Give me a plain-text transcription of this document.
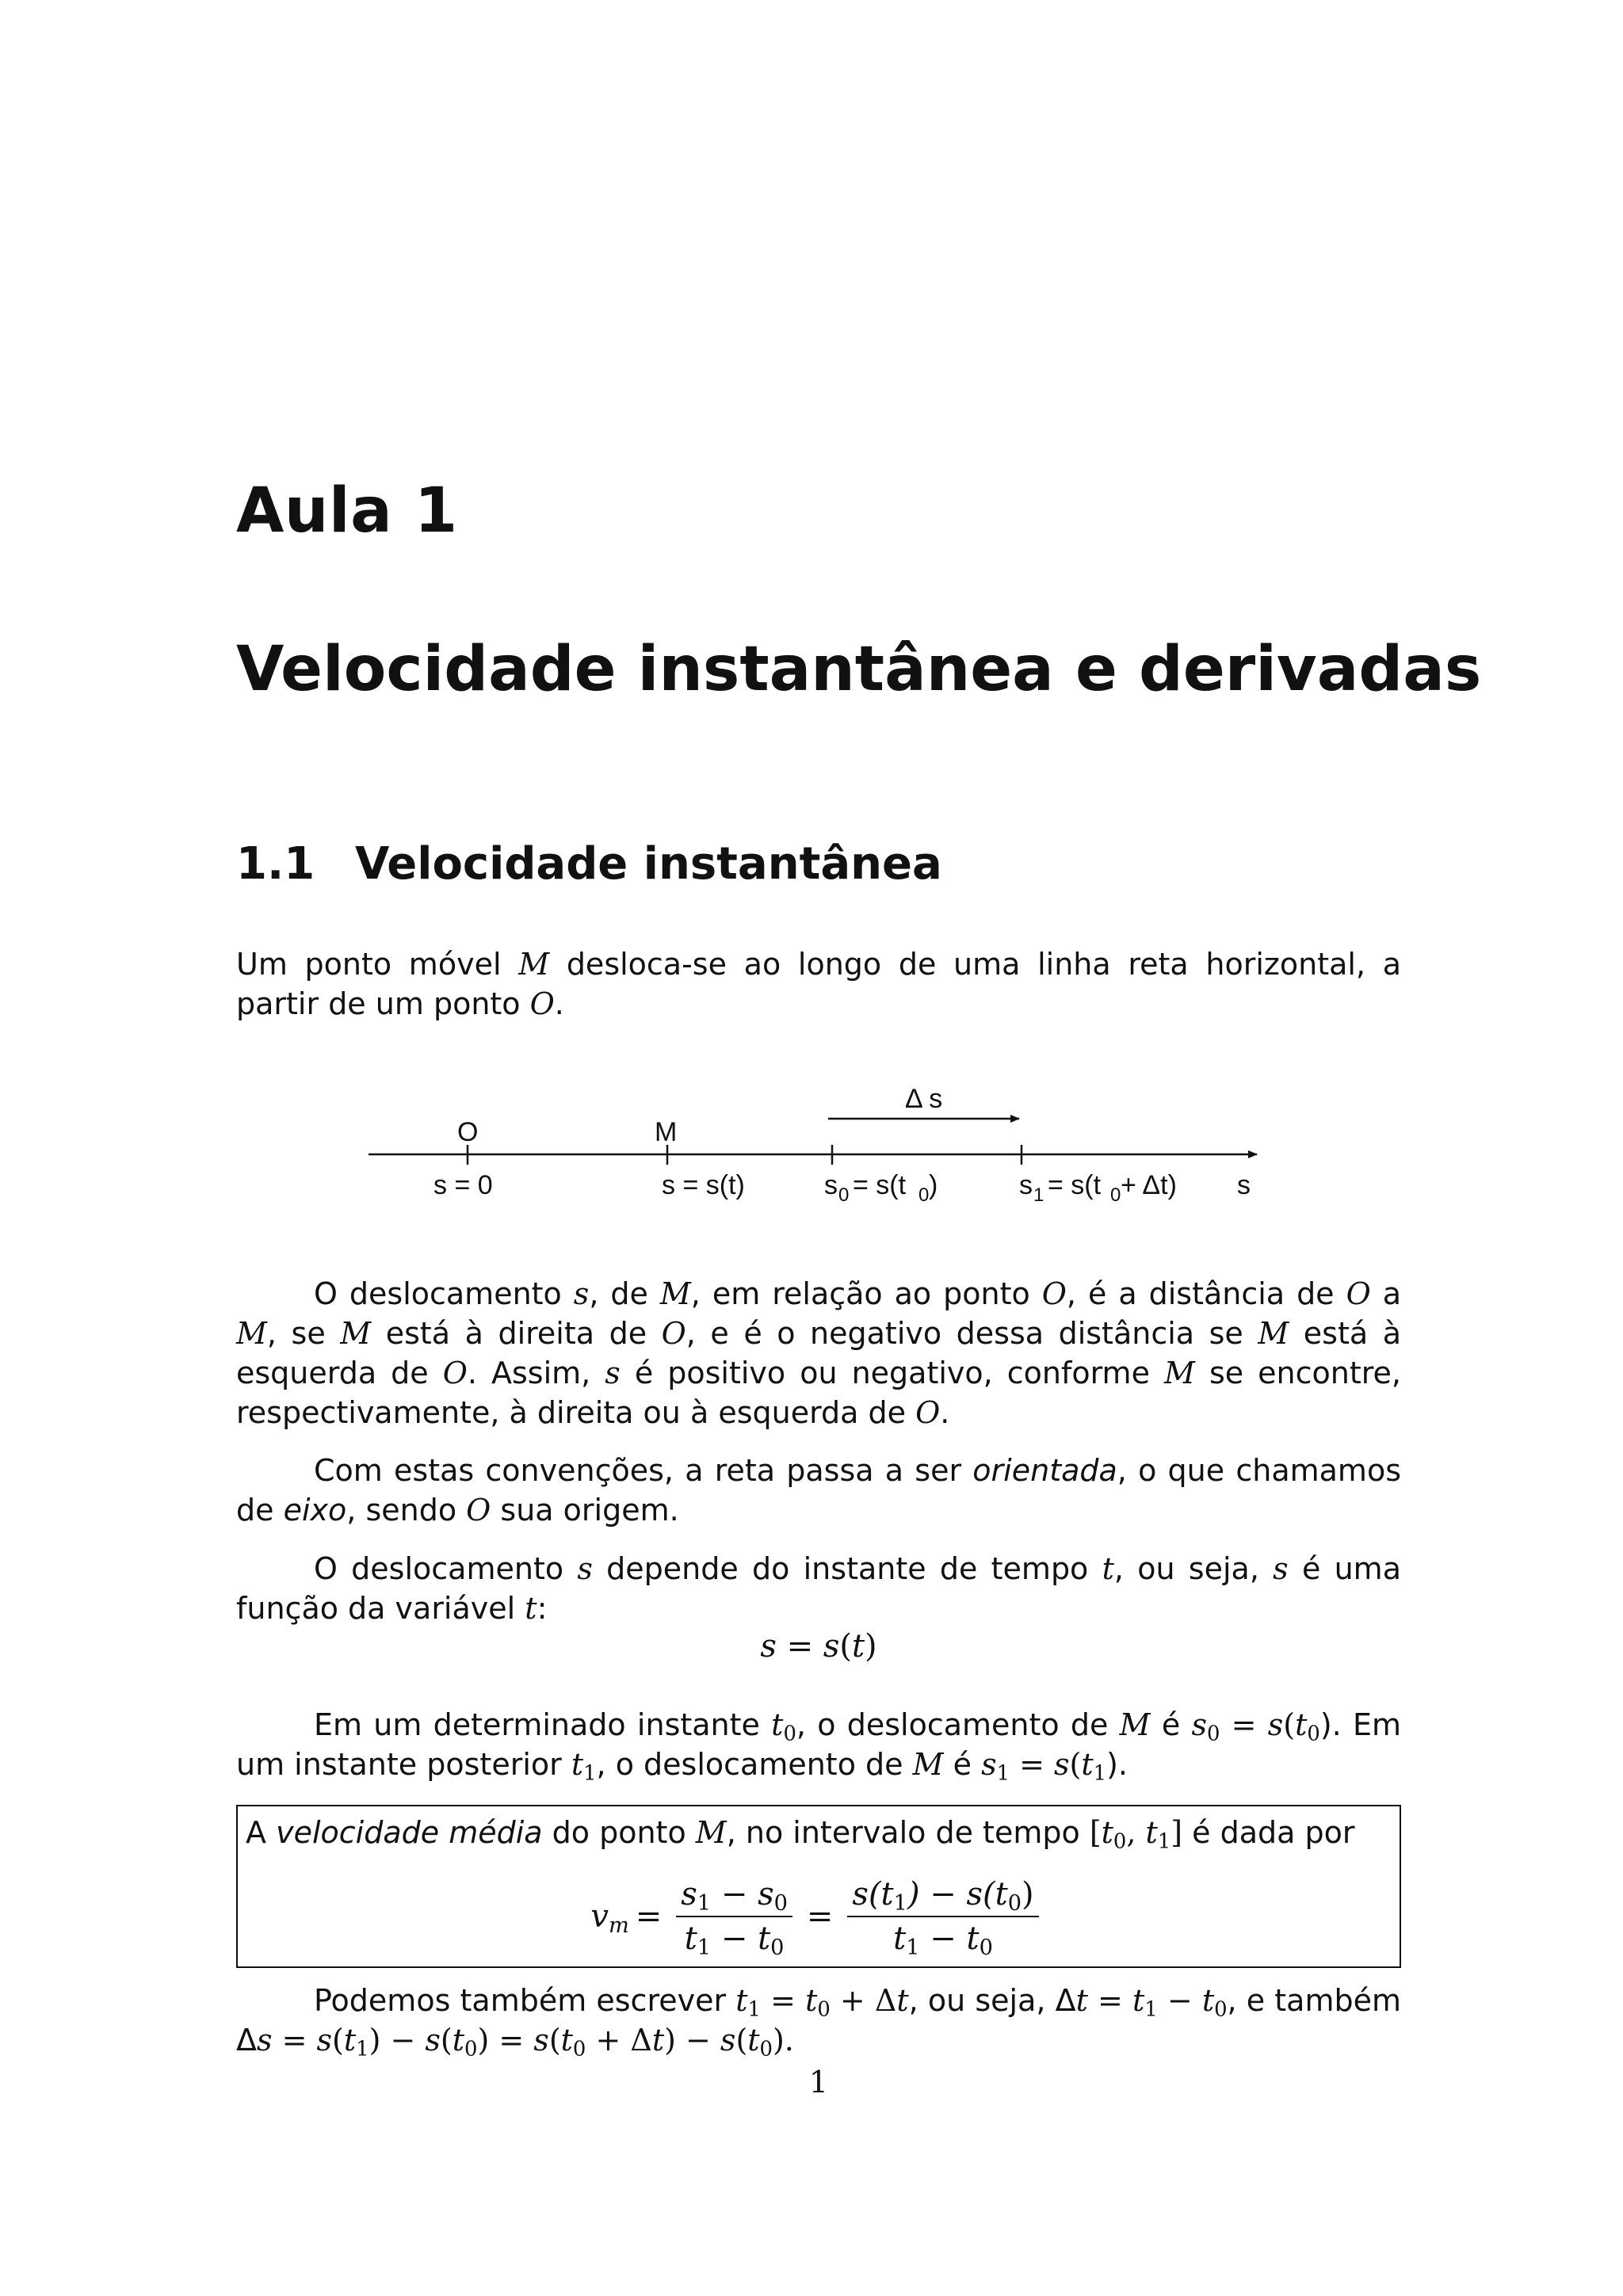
Aula 1
Velocidade instantânea e derivadas
1.1 Velocidade instantânea

Um ponto móvel M desloca-se ao longo de uma linha reta horizontal, a partir de um ponto O.

Δ s
O	M
s = 0	s = s(t)	s 0 = s(t 0 )	s 1 = s(t 0 + Δt) s

O deslocamento s, de M, em relação ao ponto O, é a distância de O a M, se M está à direita de O, e é o negativo dessa distância se M está à esquerda de O. Assim, s é positivo ou negativo, conforme M se encontre, respectivamente, à direita ou à esquerda de O.

Com estas convenções, a reta passa a ser orientada, o que chamamos de eixo, sendo O sua origem.

O deslocamento s depende do instante de tempo t, ou seja, s é uma função da variável t:

s = s(t)

Em um determinado instante $t_0$, o deslocamento de M é $s_0 = s(t_0)$. Em um instante posterior $t_1$, o deslocamento de M é $s_1 = s(t_1)$.

A velocidade média do ponto M, no intervalo de tempo [$t_0$, $t_1$] é dada por
$v_m = \frac{s_1 - s_0}{t_1 - t_0} = \frac{s(t_1) - s(t_0)}{t_1 - t_0}$

Podemos também escrever $t_1 = t_0 + \Delta t$, ou seja, $\Delta t = t_1 - t_0$, e também $\Delta s = s(t_1) - s(t_0) = s(t_0 + \Delta t) - s(t_0)$.

1
